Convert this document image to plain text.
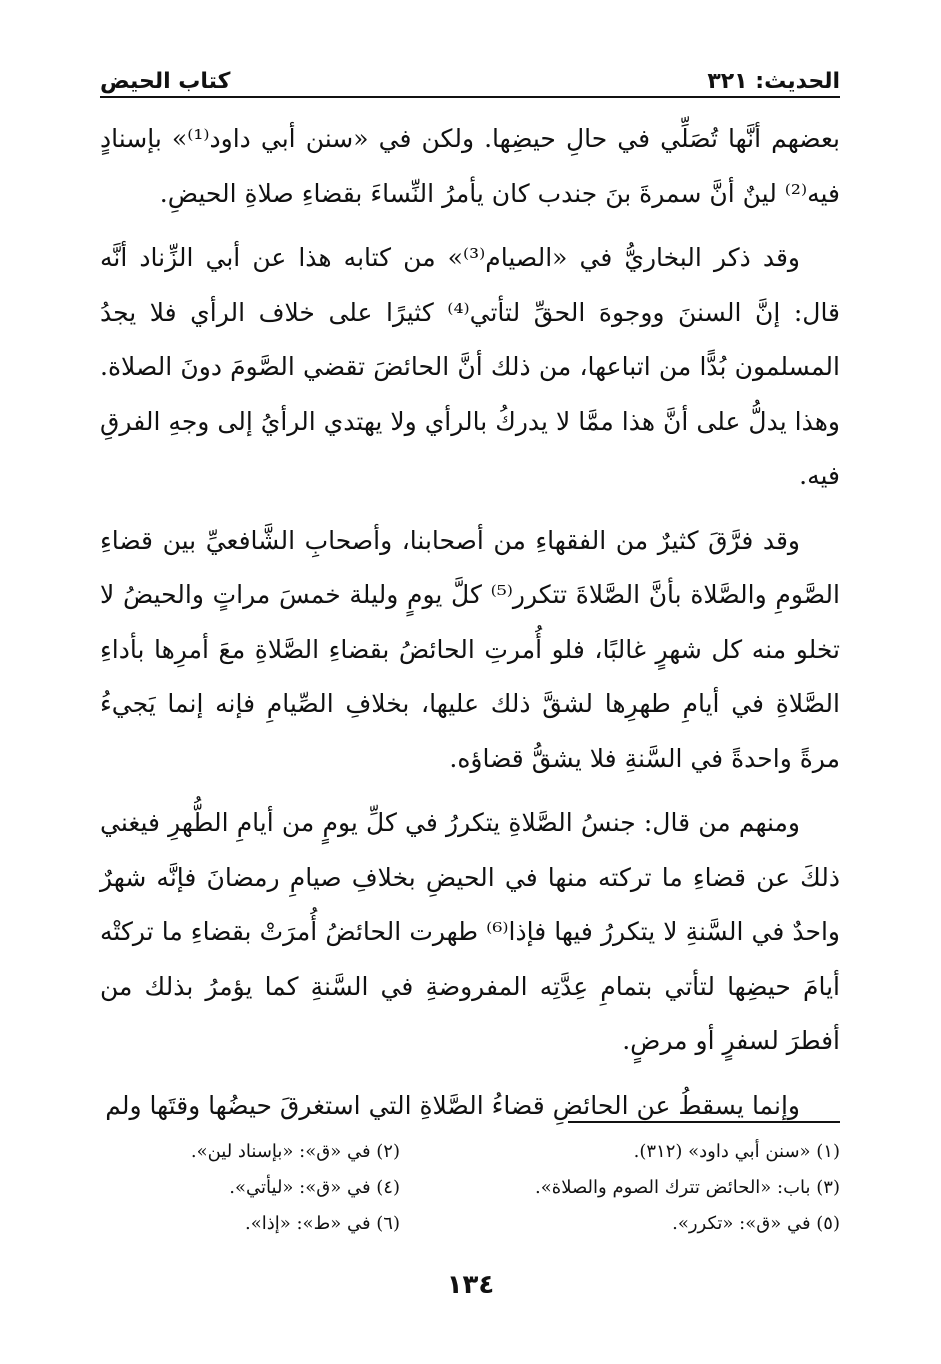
الحديث: ٣٢١
كتاب الحيض

بعضهم أنَّها تُصَلِّي في حالِ حيضِها. ولكن في «سنن أبي داود⁽¹⁾» بإسنادٍ فيه⁽²⁾ لينٌ أنَّ سمرةَ بنَ جندب كان يأمرُ النِّساءَ بقضاءِ صلاةِ الحيضِ.

وقد ذكر البخاريُّ في «الصيام⁽³⁾» من كتابه هذا عن أبي الزِّناد أنَّه قال: إنَّ السننَ ووجوهَ الحقِّ لتأتي⁽⁴⁾ كثيرًا على خلاف الرأي فلا يجدُ المسلمون بُدًّا من اتباعها، من ذلك أنَّ الحائضَ تقضي الصَّومَ دونَ الصلاة. وهذا يدلُّ على أنَّ هذا ممَّا لا يدركُ بالرأي ولا يهتدي الرأيُ إلى وجهِ الفرقِ فيه.

وقد فرَّقَ كثيرٌ من الفقهاءِ من أصحابنا، وأصحابِ الشَّافعيِّ بين قضاءِ الصَّومِ والصَّلاة بأنَّ الصَّلاةَ تتكرر⁽⁵⁾ كلَّ يومٍ وليلة خمسَ مراتٍ والحيضُ لا تخلو منه كل شهرٍ غالبًا، فلو أُمرتِ الحائضُ بقضاءِ الصَّلاةِ معَ أمرِها بأداءِ الصَّلاةِ في أيامِ طهرِها لشقَّ ذلك عليها، بخلافِ الصِّيامِ فإنه إنما يَجيءُ مرةً واحدةً في السَّنةِ فلا يشقُّ قضاؤه.

ومنهم من قال: جنسُ الصَّلاةِ يتكررُ في كلِّ يومٍ من أيامِ الطُّهرِ فيغني ذلكَ عن قضاءِ ما تركته منها في الحيضِ بخلافِ صيامِ رمضانَ فإنَّه شهرٌ واحدٌ في السَّنةِ لا يتكررُ فيها فإذا⁽⁶⁾ طهرت الحائضُ أُمرَتْ بقضاءِ ما تركتْه أيامَ حيضِها لتأتي بتمامِ عِدَّتِه المفروضةِ في السَّنةِ كما يؤمرُ بذلك من أفطرَ لسفرٍ أو مرضٍ.

وإنما يسقطُ عن الحائضِ قضاءُ الصَّلاةِ التي استغرقَ حيضُها وقتَها ولم

(١) «سنن أبي داود» (٣١٢).
(٢) في «ق»: «بإسناد لين».
(٣) باب: «الحائض تترك الصوم والصلاة».
(٤) في «ق»: «ليأتي».
(٥) في «ق»: «تكرر».
(٦) في «ط»: «إذا».
١٣٤
